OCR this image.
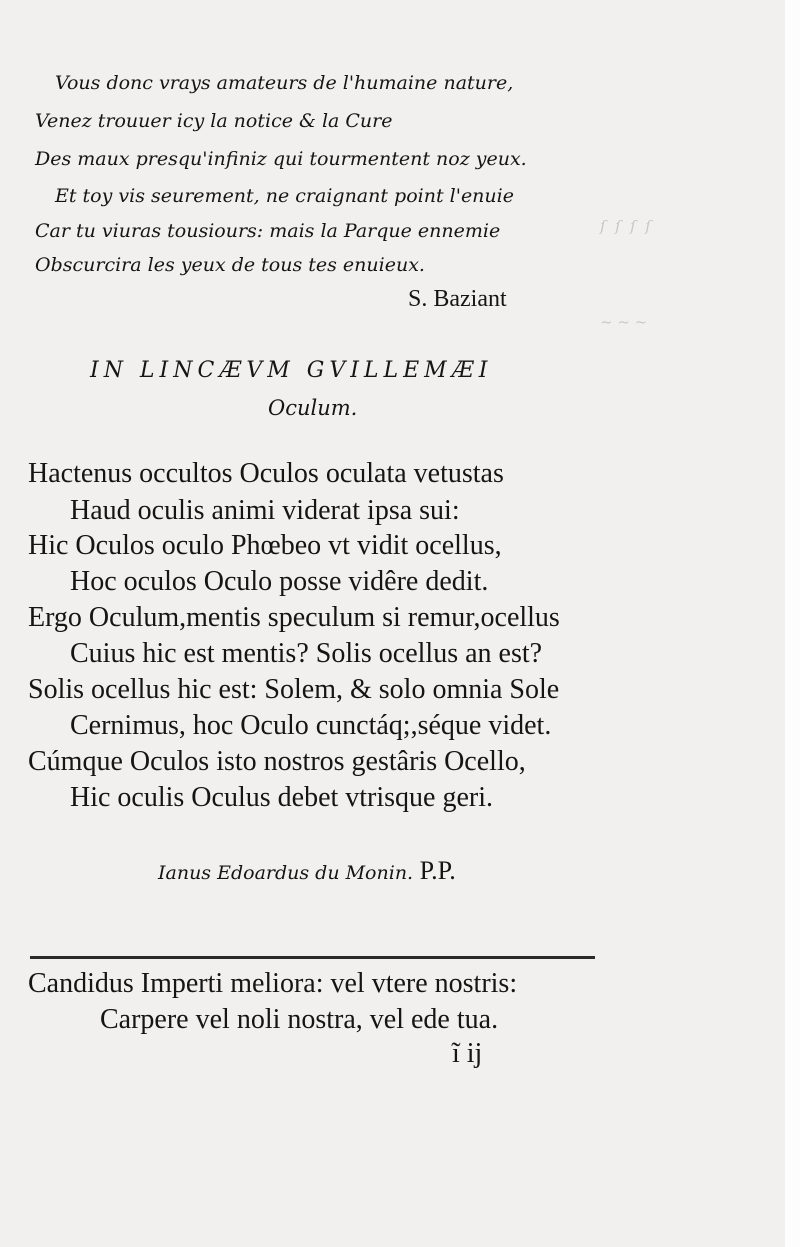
ſ  ſ  ſ  ſ

~ ~ ~
Vous donc vrays amateurs de l'humaine nature,
Venez trouuer icy la notice & la Cure
Des maux presqu'infiniz qui tourmentent noz yeux.
Et toy vis seurement, ne craignant point l'enuie
Car tu viuras tousiours: mais la Parque ennemie
Obscurcira les yeux de tous tes enuieux.
S. Baziant
IN LINCÆVM GVILLEMÆI
Oculum.
Hactenus occultos Oculos oculata vetustas
Haud oculis animi viderat ipsa sui:
Hic Oculos oculo Phœbeo vt vidit ocellus,
Hoc oculos Oculo posse vidêre dedit.
Ergo Oculum,mentis speculum si remur,ocellus
Cuius hic est mentis? Solis ocellus an est?
Solis ocellus hic est: Solem, & solo omnia Sole
Cernimus, hoc Oculo cunctáq;,séque videt.
Cúmque Oculos isto nostros gestâris Ocello,
Hic oculis Oculus debet vtrisque geri.
Ianus Edoardus du Monin. P.P.
Candidus Imperti meliora: vel vtere nostris:
Carpere vel noli nostra, vel ede tua.
ĩ ij
